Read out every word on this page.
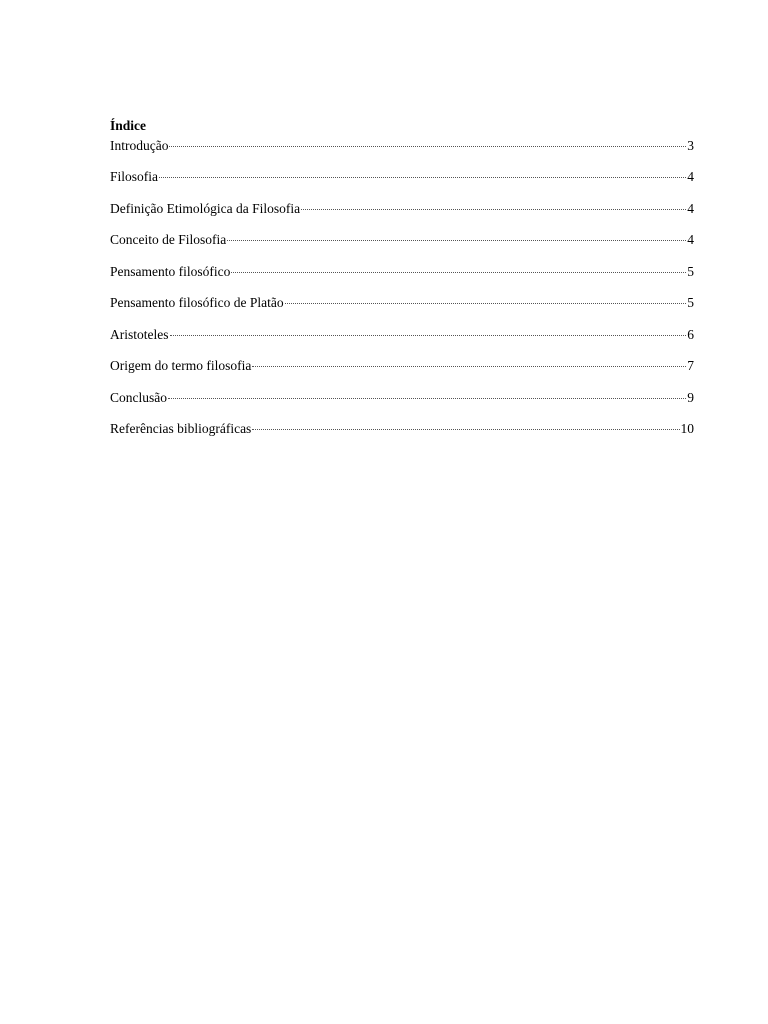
Índice
Introdução	3
Filosofia	4
Definição Etimológica da Filosofia	4
Conceito de Filosofia	4
Pensamento filosófico	5
Pensamento filosófico de Platão	5
Aristoteles	6
Origem do termo filosofia	7
Conclusão	9
Referências bibliográficas	10
